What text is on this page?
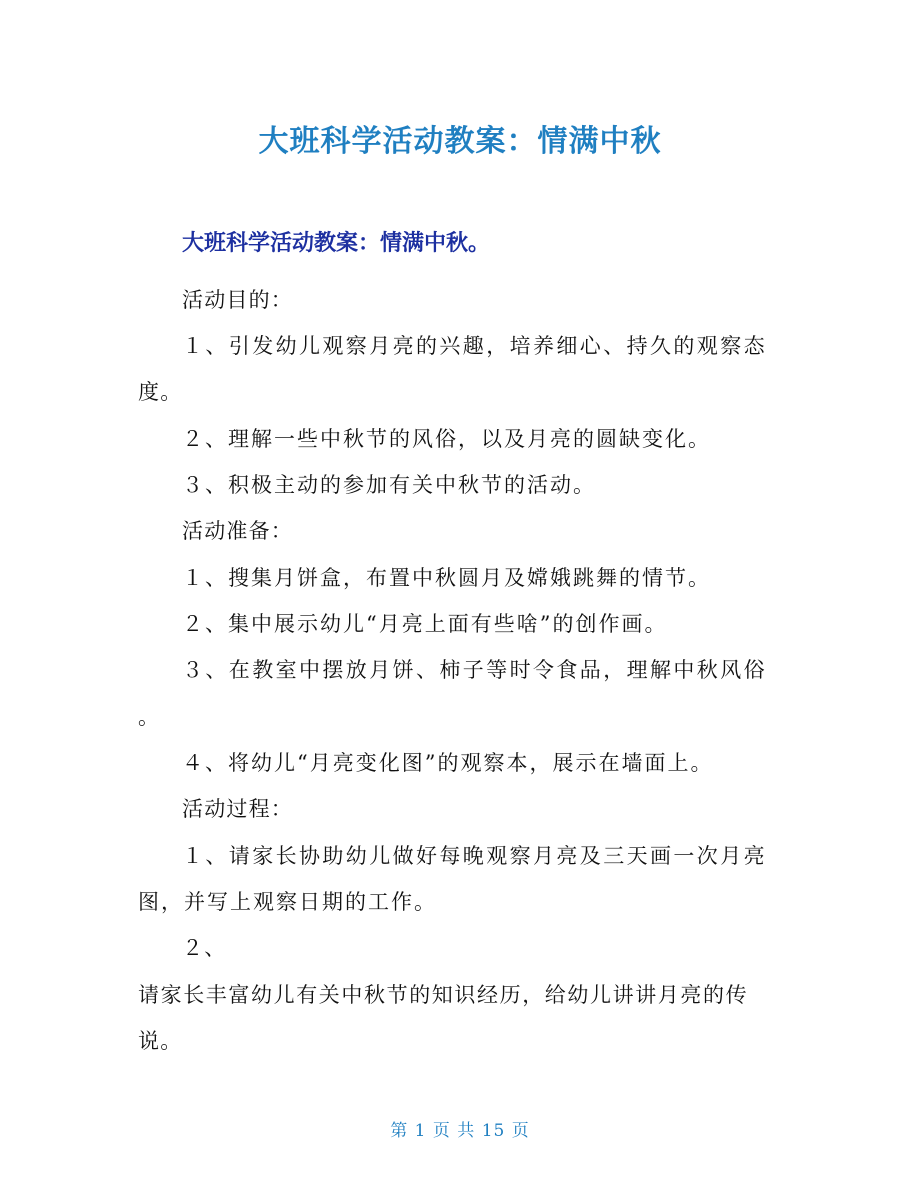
大班科学活动教案：情满中秋
大班科学活动教案：情满中秋。
活动目的：
１、引发幼儿观察月亮的兴趣，培养细心、持久的观察态
度。
２、理解一些中秋节的风俗，以及月亮的圆缺变化。
３、积极主动的参加有关中秋节的活动。
活动准备：
１、搜集月饼盒，布置中秋圆月及嫦娥跳舞的情节。
２、集中展示幼儿“月亮上面有些啥”的创作画。
３、在教室中摆放月饼、柿子等时令食品，理解中秋风俗
。
４、将幼儿“月亮变化图”的观察本，展示在墙面上。
活动过程：
１、请家长协助幼儿做好每晚观察月亮及三天画一次月亮
图，并写上观察日期的工作。
２、
请家长丰富幼儿有关中秋节的知识经历，给幼儿讲讲月亮的传
说。
第 1 页 共 15 页
